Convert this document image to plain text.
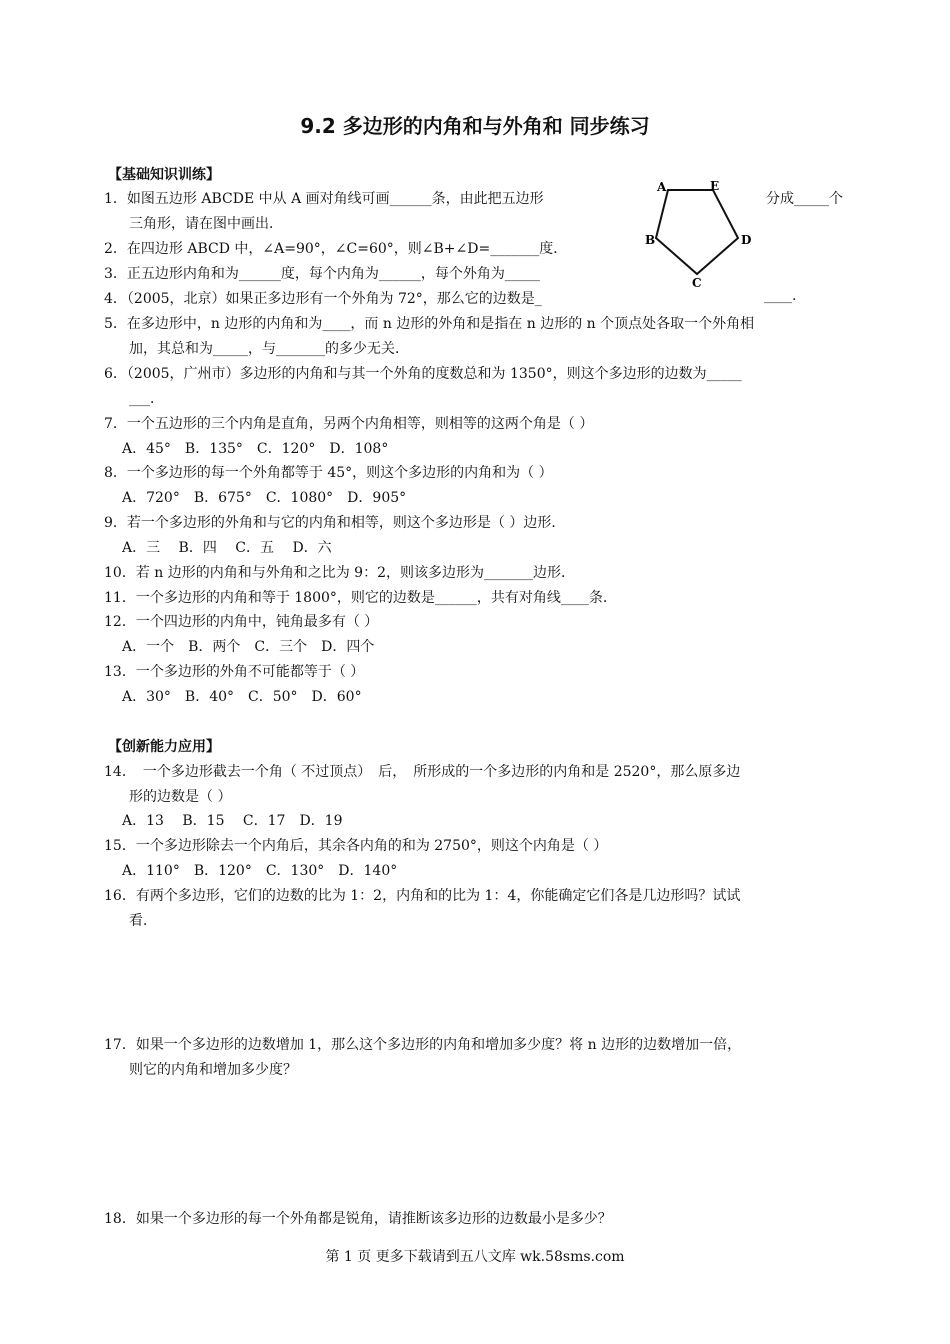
9.2 多边形的内角和与外角和 同步练习
【基础知识训练】
1．如图五边形 ABCDE 中从 A 画对角线可画______条，由此把五边形	分成_____个
三角形，请在图中画出．
2．在四边形 ABCD 中，∠A=90°，∠C=60°，则∠B+∠D=_______度．
3．正五边形内角和为______度，每个内角为______，每个外角为_____
4．（2005，北京）如果正多边形有一个外角为 72°，那么它的边数是_	____.
5．在多边形中，n 边形的内角和为____，而 n 边形的外角和是指在 n 边形的 n 个顶点处各取一个外角相
加，其总和为_____，与_______的多少无关．
6．（2005，广州市）多边形的内角和与其一个外角的度数总和为 1350°，则这个多边形的边数为_____
___．
7．一个五边形的三个内角是直角，另两个内角相等，则相等的这两个角是（ ）
A．45°　B．135°　C．120°　D．108°
8．一个多边形的每一个外角都等于 45°，则这个多边形的内角和为（ ）
A．720°　B．675°　C．1080°　D．905°
9．若一个多边形的外角和与它的内角和相等，则这个多边形是（ ）边形．
A．三　 B．四　 C．五　 D．六
10．若 n 边形的内角和与外角和之比为 9：2，则该多边形为_______边形．
11．一个多边形的内角和等于 1800°，则它的边数是______，共有对角线____条．
12．一个四边形的内角中，钝角最多有（ ）
A．一个　B．两个　C．三个　D．四个
13．一个多边形的外角不可能都等于（ ）
A．30°　B．40°　C．50°　D．60°
【创新能力应用】
14．　一个多边形截去一个角（ 不过顶点）　后，　所形成的一个多边形的内角和是 2520°，那么原多边
形的边数是（ ）
A．13　 B．15　 C．17　D．19
15．一个多边形除去一个内角后，其余各内角的和为 2750°，则这个内角是（ ）
A．110°　B．120°　C．130°　D．140°
16．有两个多边形，它们的边数的比为 1：2，内角和的比为 1：4，你能确定它们各是几边形吗？试试
看．
17．如果一个多边形的边数增加 1，那么这个多边形的内角和增加多少度？将 n 边形的边数增加一倍，
则它的内角和增加多少度？
18．如果一个多边形的每一个外角都是锐角，请推断该多边形的边数最小是多少？
A	E
B	D
C
第 1 页 更多下载请到五八文库 wk.58sms.com
